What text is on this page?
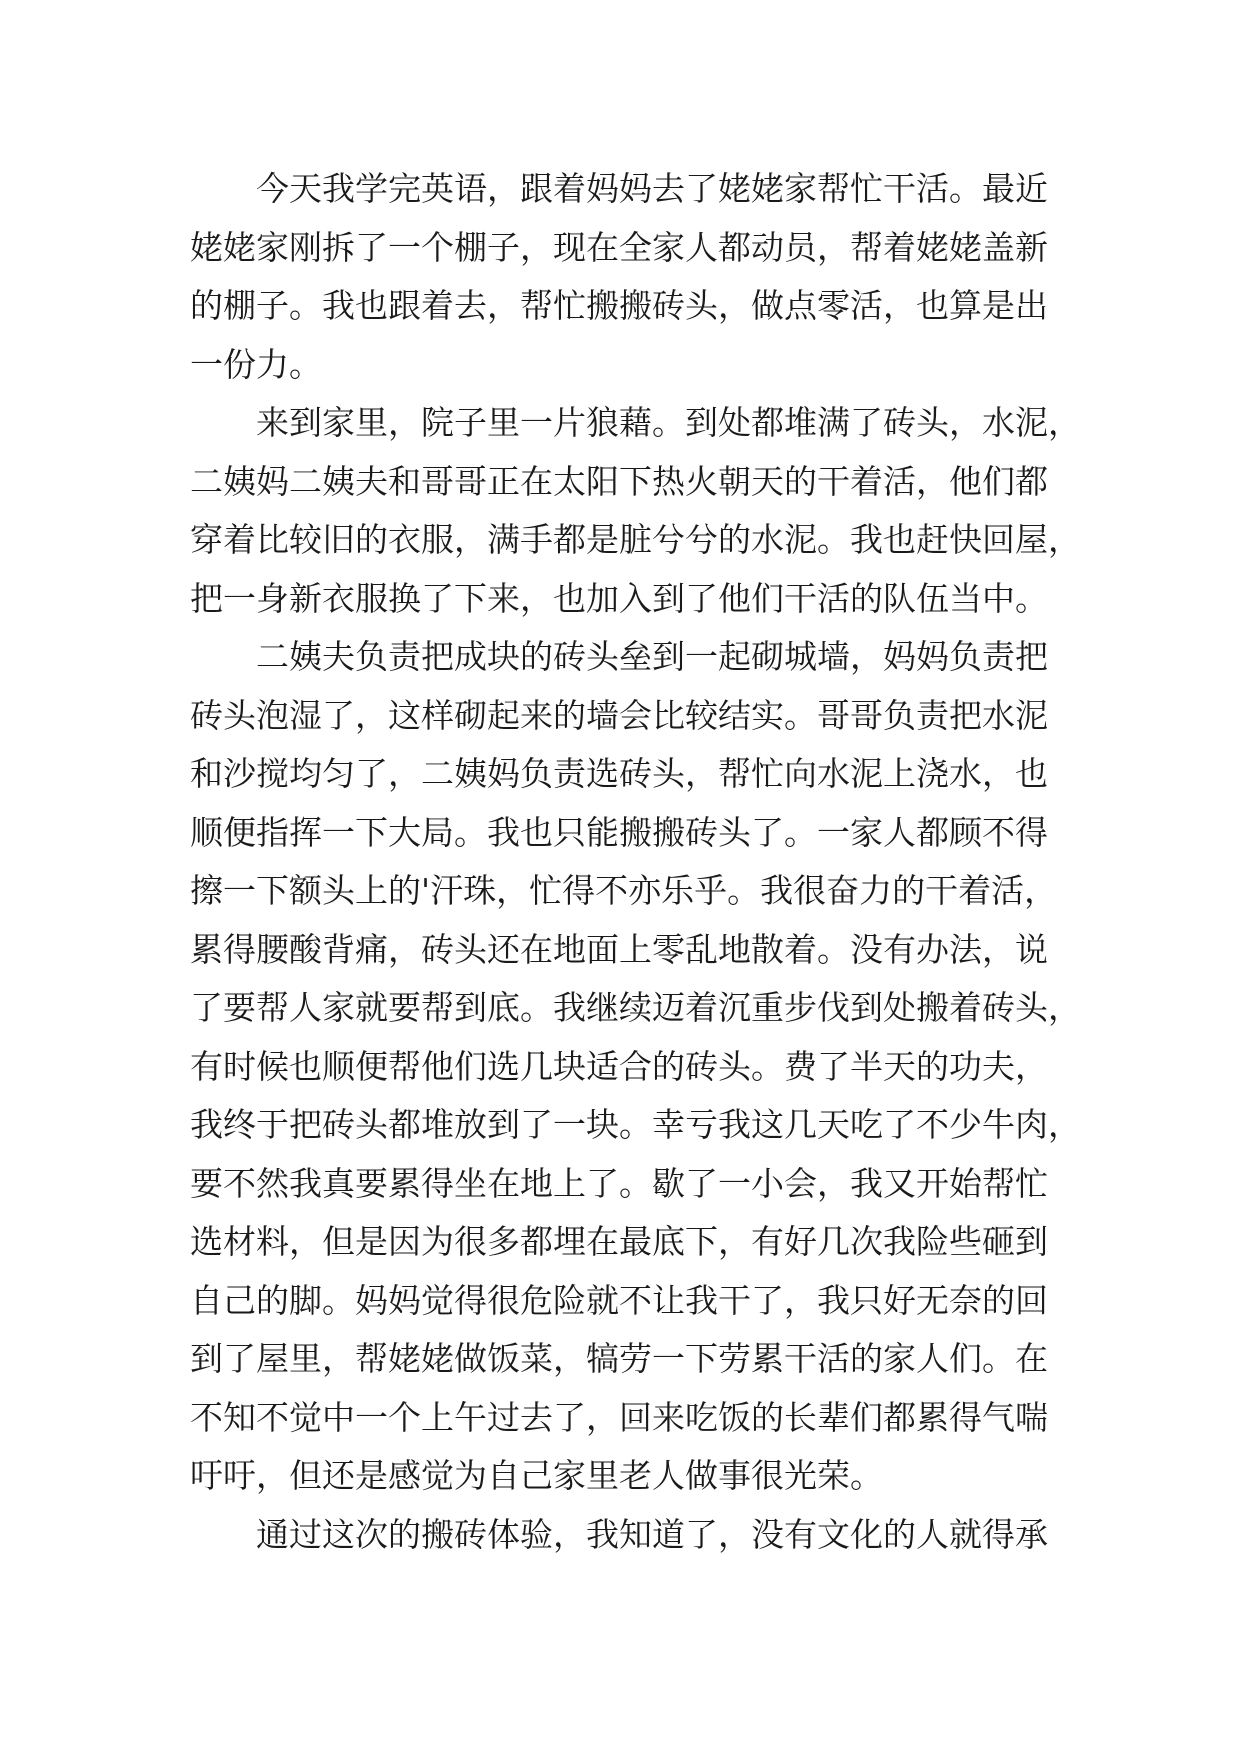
今天我学完英语，跟着妈妈去了姥姥家帮忙干活。最近
姥姥家刚拆了一个棚子，现在全家人都动员，帮着姥姥盖新
的棚子。我也跟着去，帮忙搬搬砖头，做点零活，也算是出
一份力。
来到家里，院子里一片狼藉。到处都堆满了砖头，水泥，
二姨妈二姨夫和哥哥正在太阳下热火朝天的干着活，他们都
穿着比较旧的衣服，满手都是脏兮兮的水泥。我也赶快回屋，
把一身新衣服换了下来，也加入到了他们干活的队伍当中。
二姨夫负责把成块的砖头垒到一起砌城墙，妈妈负责把
砖头泡湿了，这样砌起来的墙会比较结实。哥哥负责把水泥
和沙搅均匀了，二姨妈负责选砖头，帮忙向水泥上浇水，也
顺便指挥一下大局。我也只能搬搬砖头了。一家人都顾不得
擦一下额头上的'汗珠，忙得不亦乐乎。我很奋力的干着活，
累得腰酸背痛，砖头还在地面上零乱地散着。没有办法，说
了要帮人家就要帮到底。我继续迈着沉重步伐到处搬着砖头，
有时候也顺便帮他们选几块适合的砖头。费了半天的功夫，
我终于把砖头都堆放到了一块。幸亏我这几天吃了不少牛肉，
要不然我真要累得坐在地上了。歇了一小会，我又开始帮忙
选材料，但是因为很多都埋在最底下，有好几次我险些砸到
自己的脚。妈妈觉得很危险就不让我干了，我只好无奈的回
到了屋里，帮姥姥做饭菜，犒劳一下劳累干活的家人们。在
不知不觉中一个上午过去了，回来吃饭的长辈们都累得气喘
吁吁，但还是感觉为自己家里老人做事很光荣。
通过这次的搬砖体验，我知道了，没有文化的人就得承
